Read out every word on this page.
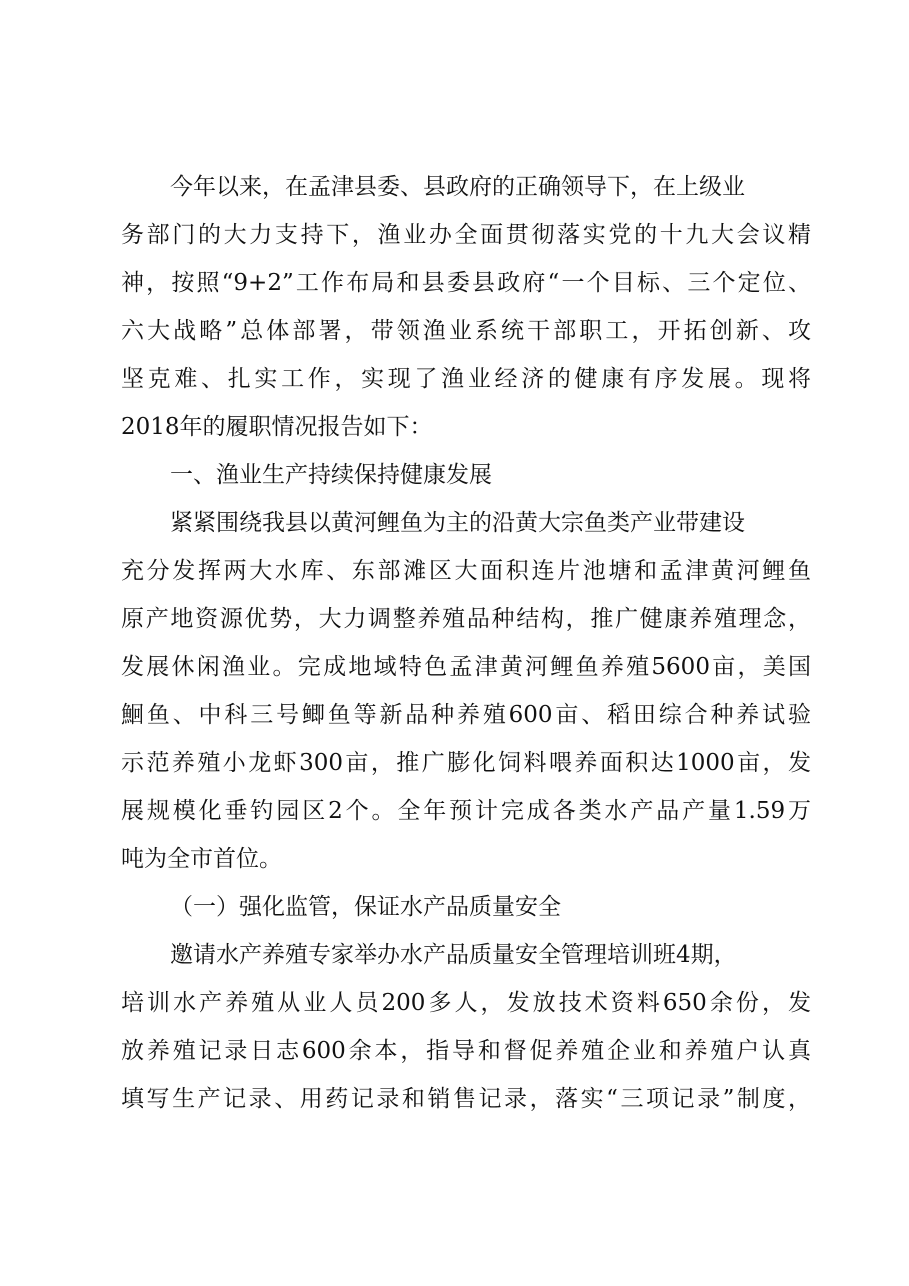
今年以来，在孟津县委、县政府的正确领导下，在上级业

务部门的大力支持下，渔业办全面贯彻落实党的十九大会议精

神，按照“9+2”工作布局和县委县政府“一个目标、三个定位、

六大战略”总体部署，带领渔业系统干部职工，开拓创新、攻

坚克难、扎实工作，实现了渔业经济的健康有序发展。现将

2018年的履职情况报告如下：

一、渔业生产持续保持健康发展

紧紧围绕我县以黄河鲤鱼为主的沿黄大宗鱼类产业带建设

充分发挥两大水库、东部滩区大面积连片池塘和孟津黄河鲤鱼

原产地资源优势，大力调整养殖品种结构，推广健康养殖理念，

发展休闲渔业。完成地域特色孟津黄河鲤鱼养殖5600亩，美国

鮰鱼、中科三号鲫鱼等新品种养殖600亩、稻田综合种养试验

示范养殖小龙虾300亩，推广膨化饲料喂养面积达1000亩，发

展规模化垂钓园区2个。全年预计完成各类水产品产量1.59万

吨为全市首位。

（一）强化监管，保证水产品质量安全

邀请水产养殖专家举办水产品质量安全管理培训班4期，

培训水产养殖从业人员200多人，发放技术资料650余份，发

放养殖记录日志600余本，指导和督促养殖企业和养殖户认真

填写生产记录、用药记录和销售记录，落实“三项记录”制度，
